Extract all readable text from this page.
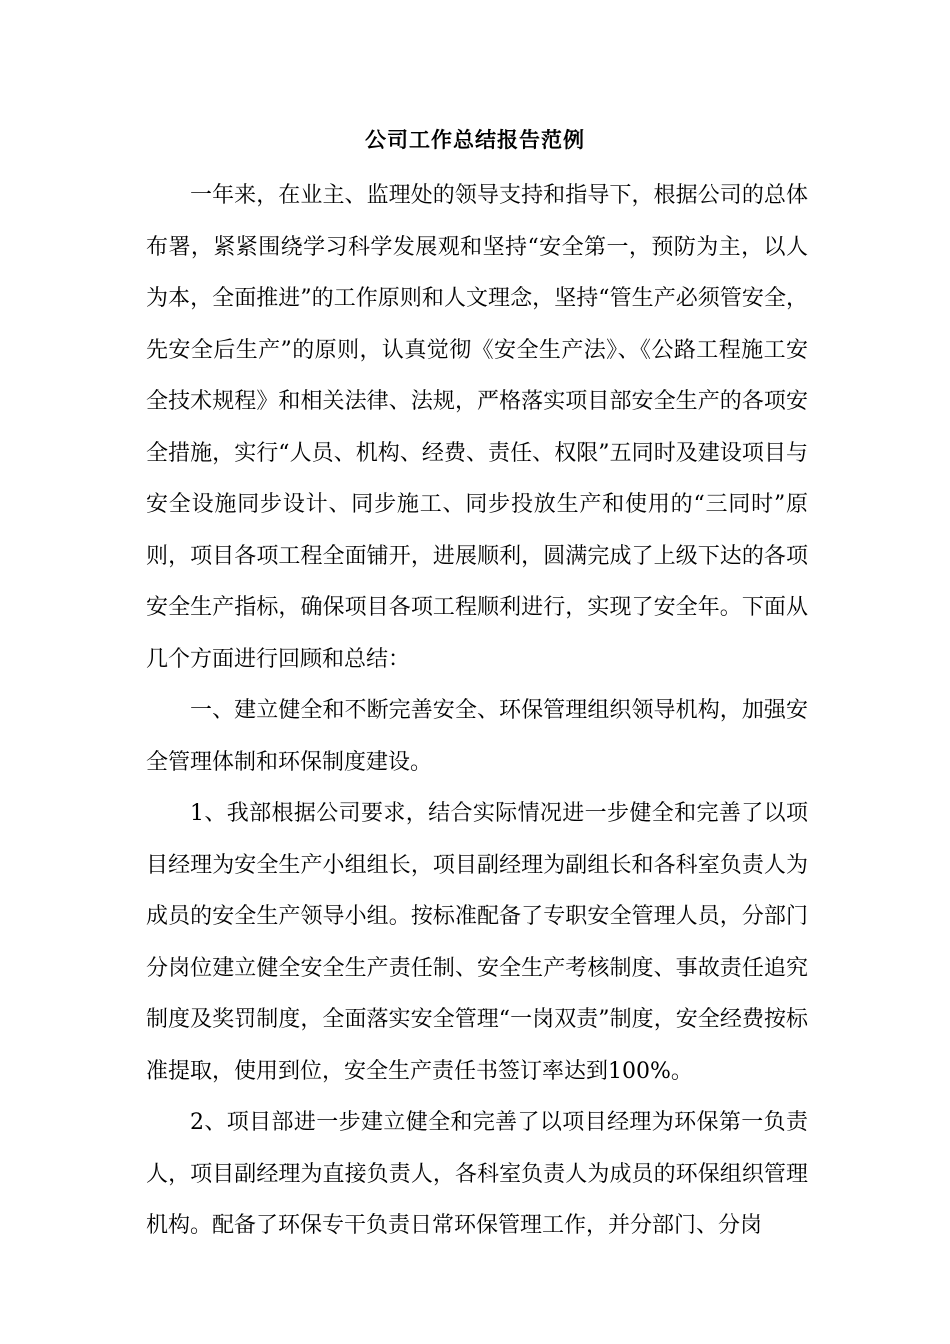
公司工作总结报告范例

一年来，在业主、监理处的领导支持和指导下，根据公司的总体布署，紧紧围绕学习科学发展观和坚持“安全第一，预防为主，以人为本，全面推进”的工作原则和人文理念，坚持“管生产必须管安全，先安全后生产”的原则，认真觉彻《安全生产法》、《公路工程施工安全技术规程》和相关法律、法规，严格落实项目部安全生产的各项安全措施，实行“人员、机构、经费、责任、权限”五同时及建设项目与安全设施同步设计、同步施工、同步投放生产和使用的“三同时”原则，项目各项工程全面铺开，进展顺利，圆满完成了上级下达的各项安全生产指标，确保项目各项工程顺利进行，实现了安全年。下面从几个方面进行回顾和总结：

一、建立健全和不断完善安全、环保管理组织领导机构，加强安全管理体制和环保制度建设。

1、我部根据公司要求，结合实际情况进一步健全和完善了以项目经理为安全生产小组组长，项目副经理为副组长和各科室负责人为成员的安全生产领导小组。按标准配备了专职安全管理人员，分部门分岗位建立健全安全生产责任制、安全生产考核制度、事故责任追究制度及奖罚制度，全面落实安全管理“一岗双责”制度，安全经费按标准提取，使用到位，安全生产责任书签订率达到100%。

2、项目部进一步建立健全和完善了以项目经理为环保第一负责人，项目副经理为直接负责人，各科室负责人为成员的环保组织管理机构。配备了环保专干负责日常环保管理工作，并分部门、分岗
